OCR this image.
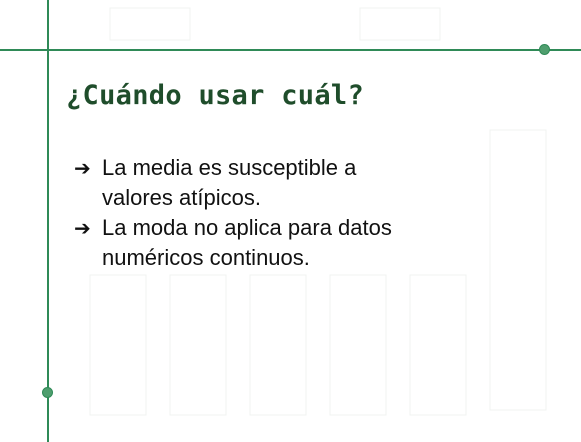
¿Cuándo usar cuál?
➔ La media es susceptible a valores atípicos.
➔ La moda no aplica para datos numéricos continuos.
